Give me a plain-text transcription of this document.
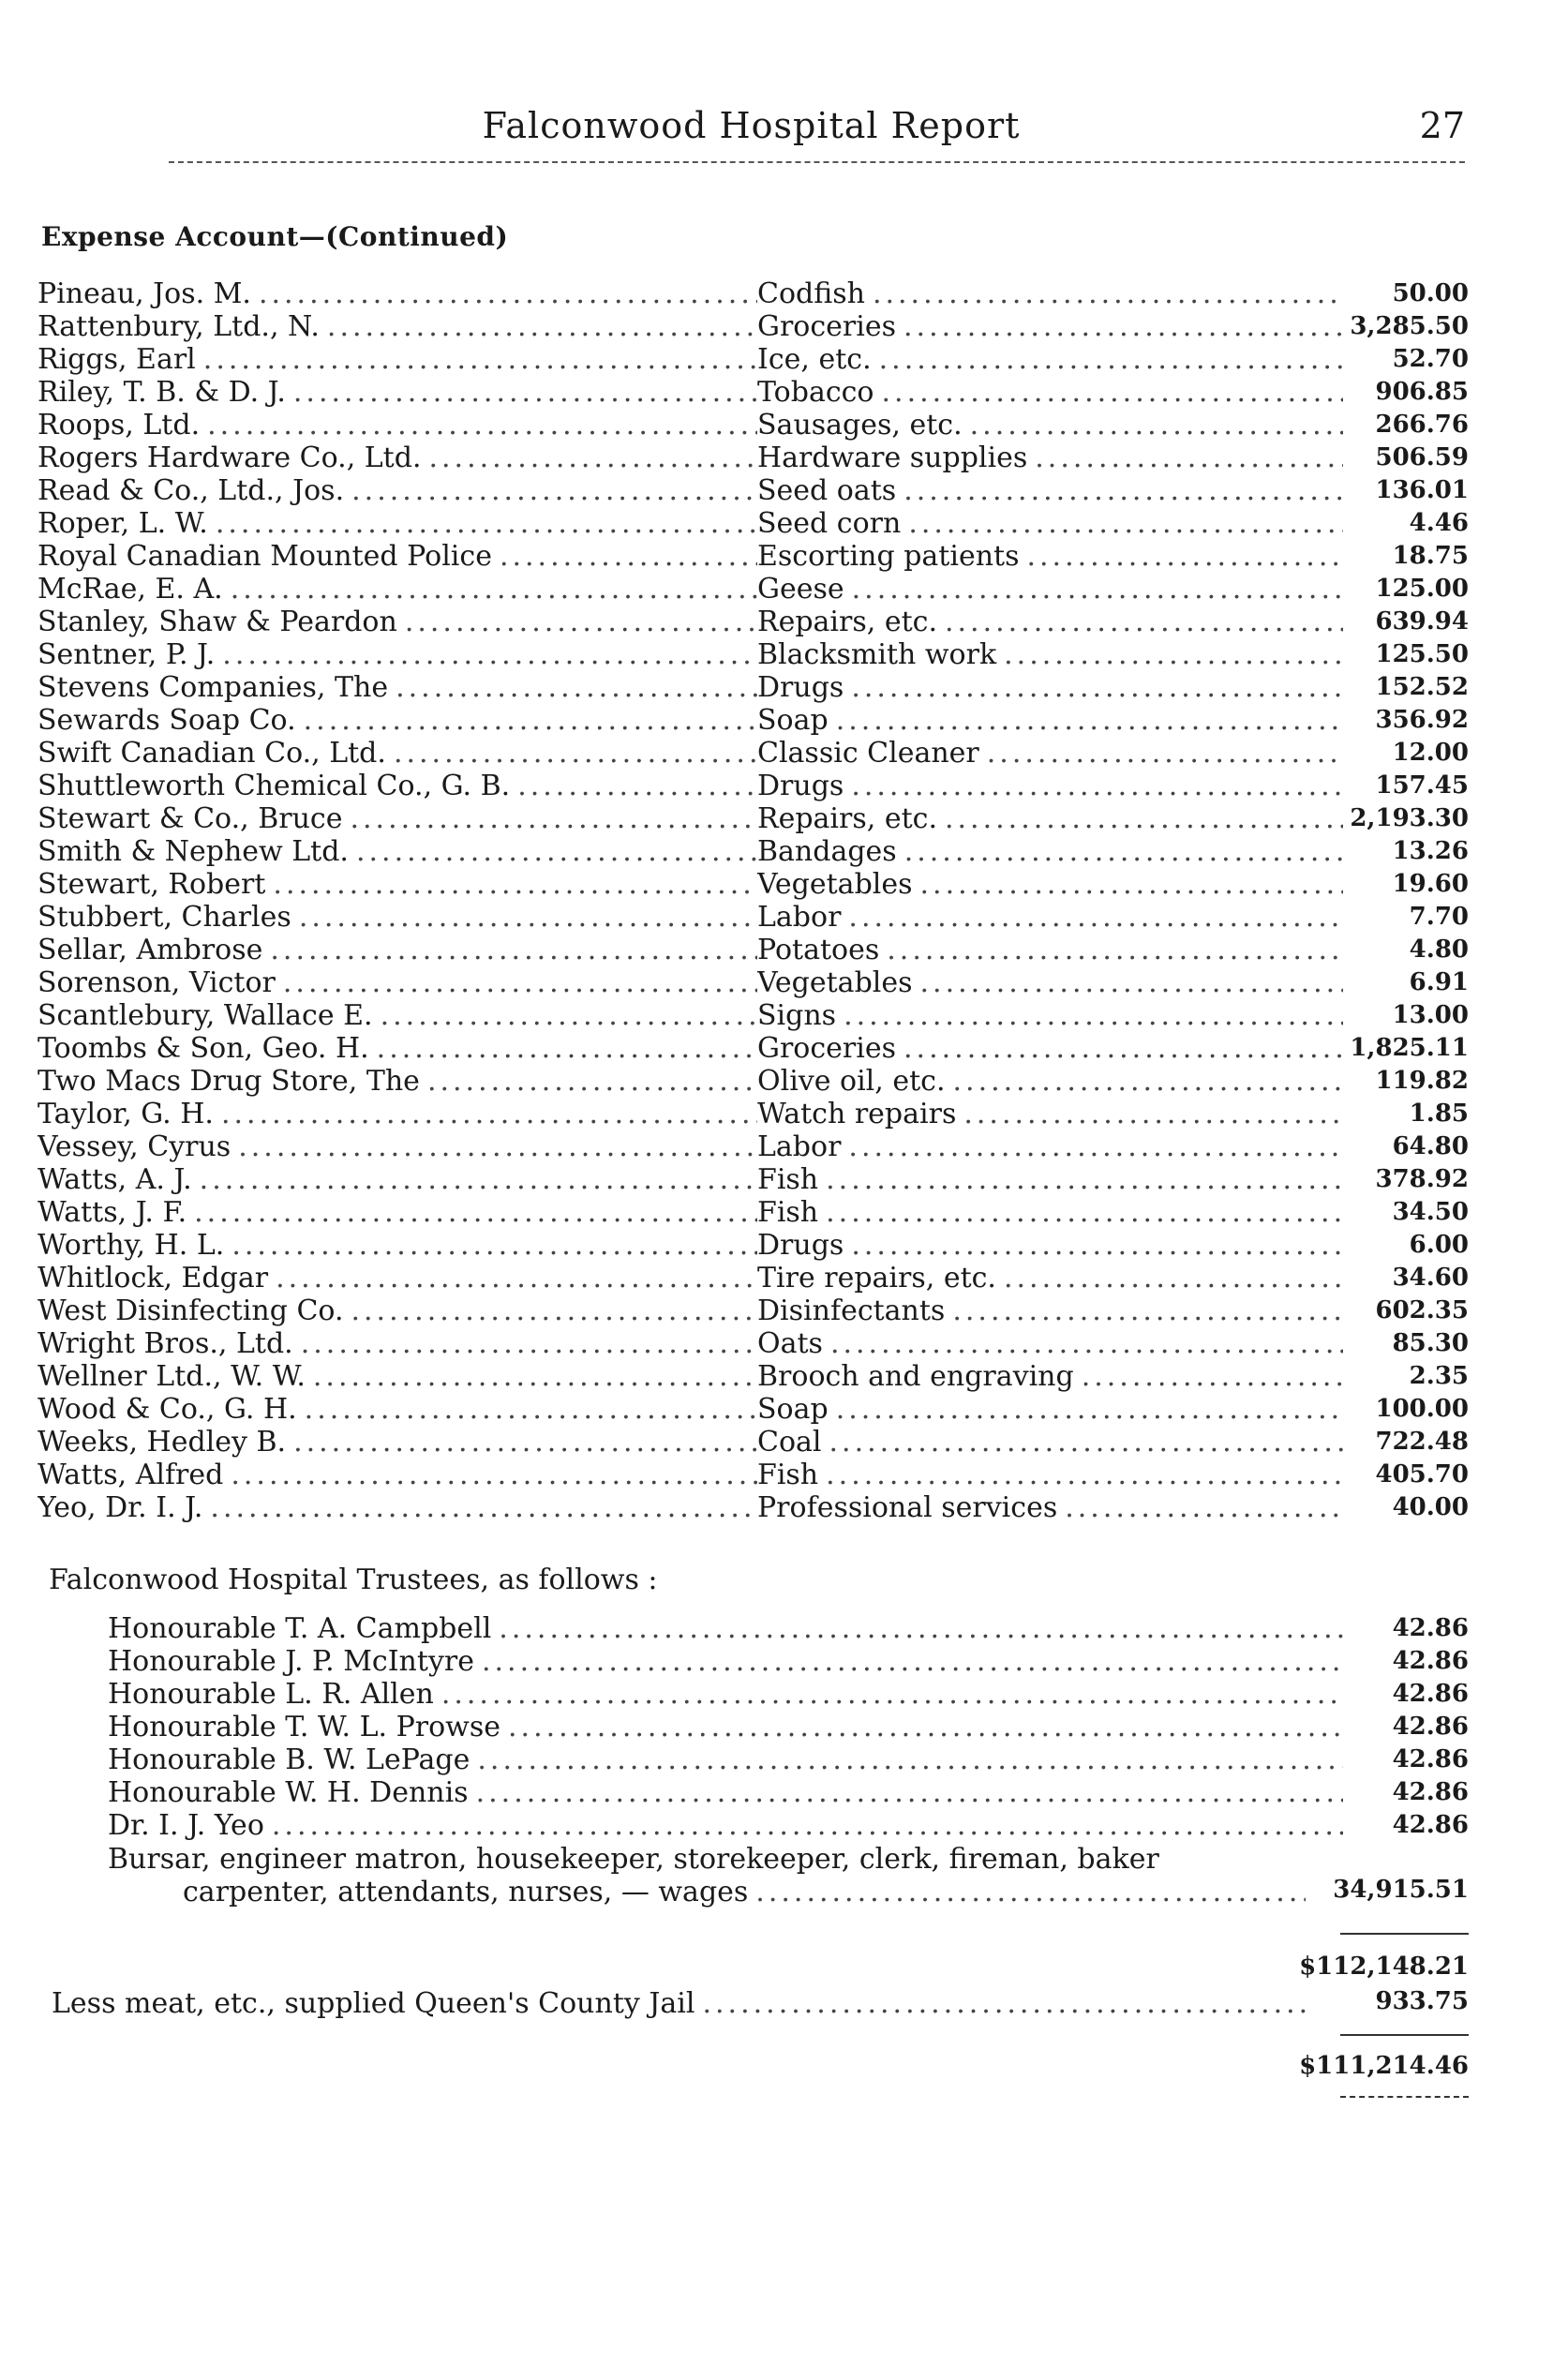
Falconwood Hospital Report	27
Expense Account—(Continued)
Pineau, Jos. M. .....	Codfish .....	50.00
Rattenbury, Ltd., N. .....	Groceries .....	3,285.50
Riggs, Earl .....	Ice, etc. .....	52.70
Riley, T. B. & D. J. .....	Tobacco .....	906.85
Roops, Ltd. .....	Sausages, etc. .....	266.76
Rogers Hardware Co., Ltd. .....	Hardware supplies .....	506.59
Read & Co., Ltd., Jos. .....	Seed oats .....	136.01
Roper, L. W. .....	Seed corn .....	4.46
Royal Canadian Mounted Police .....	Escorting patients .....	18.75
McRae, E. A. .....	Geese .....	125.00
Stanley, Shaw & Peardon .....	Repairs, etc. .....	639.94
Sentner, P. J. .....	Blacksmith work .....	125.50
Stevens Companies, The .....	Drugs .....	152.52
Sewards Soap Co. .....	Soap .....	356.92
Swift Canadian Co., Ltd. .....	Classic Cleaner .....	12.00
Shuttleworth Chemical Co., G. B. .....	Drugs .....	157.45
Stewart & Co., Bruce .....	Repairs, etc. .....	2,193.30
Smith & Nephew Ltd. .....	Bandages .....	13.26
Stewart, Robert .....	Vegetables .....	19.60
Stubbert, Charles .....	Labor .....	7.70
Sellar, Ambrose .....	Potatoes .....	4.80
Sorenson, Victor .....	Vegetables .....	6.91
Scantlebury, Wallace E. .....	Signs .....	13.00
Toombs & Son, Geo. H. .....	Groceries .....	1,825.11
Two Macs Drug Store, The .....	Olive oil, etc. .....	119.82
Taylor, G. H. .....	Watch repairs .....	1.85
Vessey, Cyrus .....	Labor .....	64.80
Watts, A. J. .....	Fish .....	378.92
Watts, J. F. .....	Fish .....	34.50
Worthy, H. L. .....	Drugs .....	6.00
Whitlock, Edgar .....	Tire repairs, etc. .....	34.60
West Disinfecting Co. .....	Disinfectants .....	602.35
Wright Bros., Ltd. .....	Oats .....	85.30
Wellner Ltd., W. W. .....	Brooch and engraving .....	2.35
Wood & Co., G. H. .....	Soap .....	100.00
Weeks, Hedley B. .....	Coal .....	722.48
Watts, Alfred .....	Fish .....	405.70
Yeo, Dr. I. J. .....	Professional services .....	40.00
Falconwood Hospital Trustees, as follows :
Honourable T. A. Campbell .....	42.86
Honourable J. P. McIntyre .....	42.86
Honourable L. R. Allen .....	42.86
Honourable T. W. L. Prowse .....	42.86
Honourable B. W. LePage .....	42.86
Honourable W. H. Dennis .....	42.86
Dr. I. J. Yeo .....	42.86
Bursar, engineer matron, housekeeper, storekeeper, clerk, fireman, baker
carpenter, attendants, nurses, — wages .....	34,915.51
$112,148.21
Less meat, etc., supplied Queen's County Jail .....	933.75
$111,214.46
